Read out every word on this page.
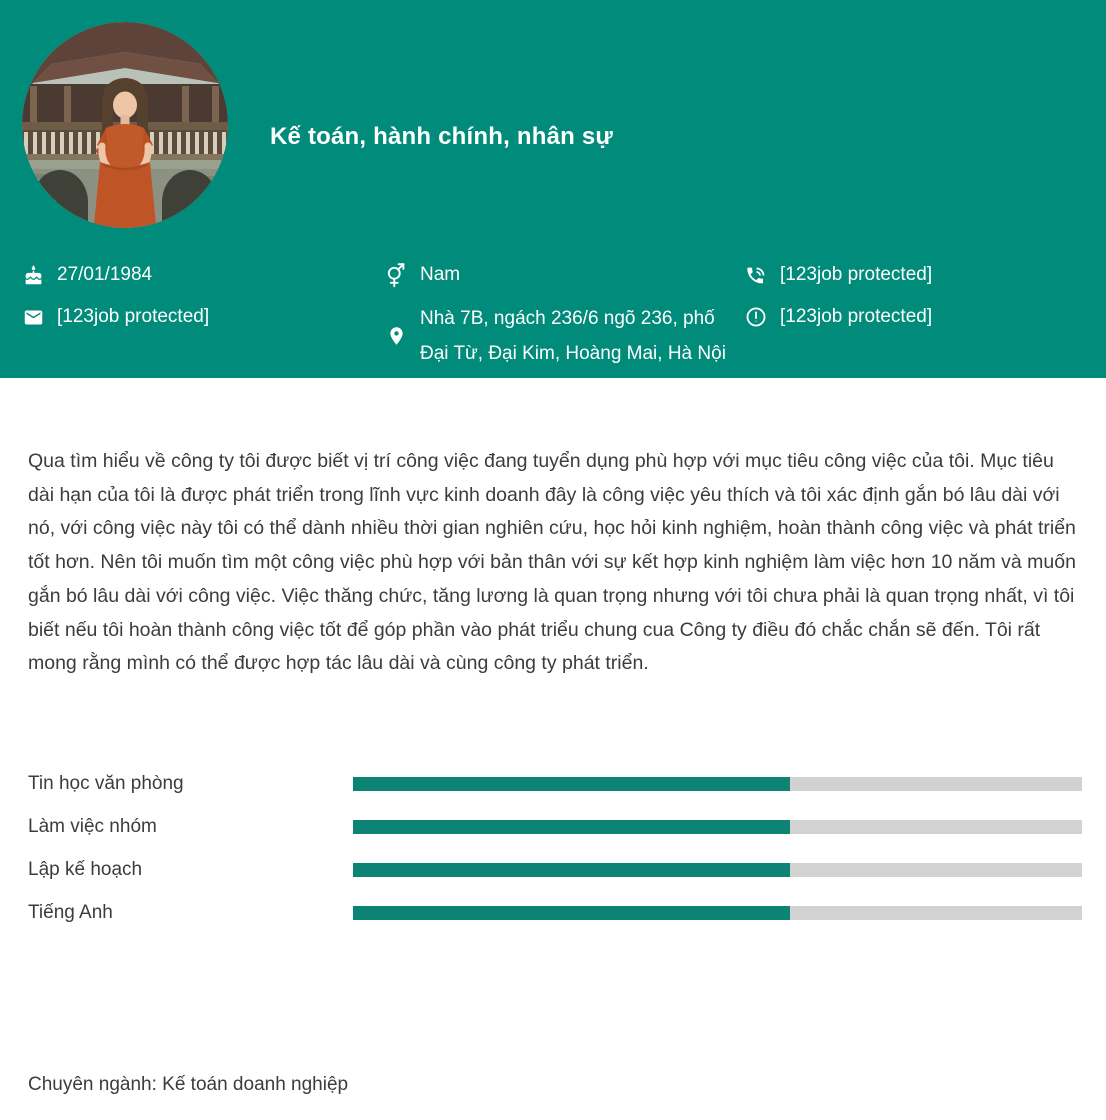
Kế toán, hành chính, nhân sự
27/01/1984
[123job protected]
Nam
Nhà 7B, ngách 236/6 ngõ 236, phố Đại Từ, Đại Kim, Hoàng Mai, Hà Nội
[123job protected]
[123job protected]

Qua tìm hiểu về công ty tôi được biết vị trí công việc đang tuyển dụng phù hợp với mục tiêu công việc của tôi. Mục tiêu dài hạn của tôi là được phát triển trong lĩnh vực kinh doanh đây là công việc yêu thích và tôi xác định gắn bó lâu dài với nó, với công việc này tôi có thể dành nhiều thời gian nghiên cứu, học hỏi kinh nghiệm, hoàn thành công việc và phát triển tốt hơn. Nên tôi muốn tìm một công việc phù hợp với bản thân với sự kết hợp kinh nghiệm làm việc hơn 10 năm và muốn gắn bó lâu dài với công việc. Việc thăng chức, tăng lương là quan trọng nhưng với tôi chưa phải là quan trọng nhất, vì tôi biết nếu tôi hoàn thành công việc tốt để góp phần vào phát triểu chung cua Công ty điều đó chắc chắn sẽ đến. Tôi rất mong rằng mình có thể được hợp tác lâu dài và cùng công ty phát triển.

Tin học văn phòng
Làm việc nhóm
Lập kế hoạch
Tiếng Anh
Chuyên ngành: Kế toán doanh nghiệp
